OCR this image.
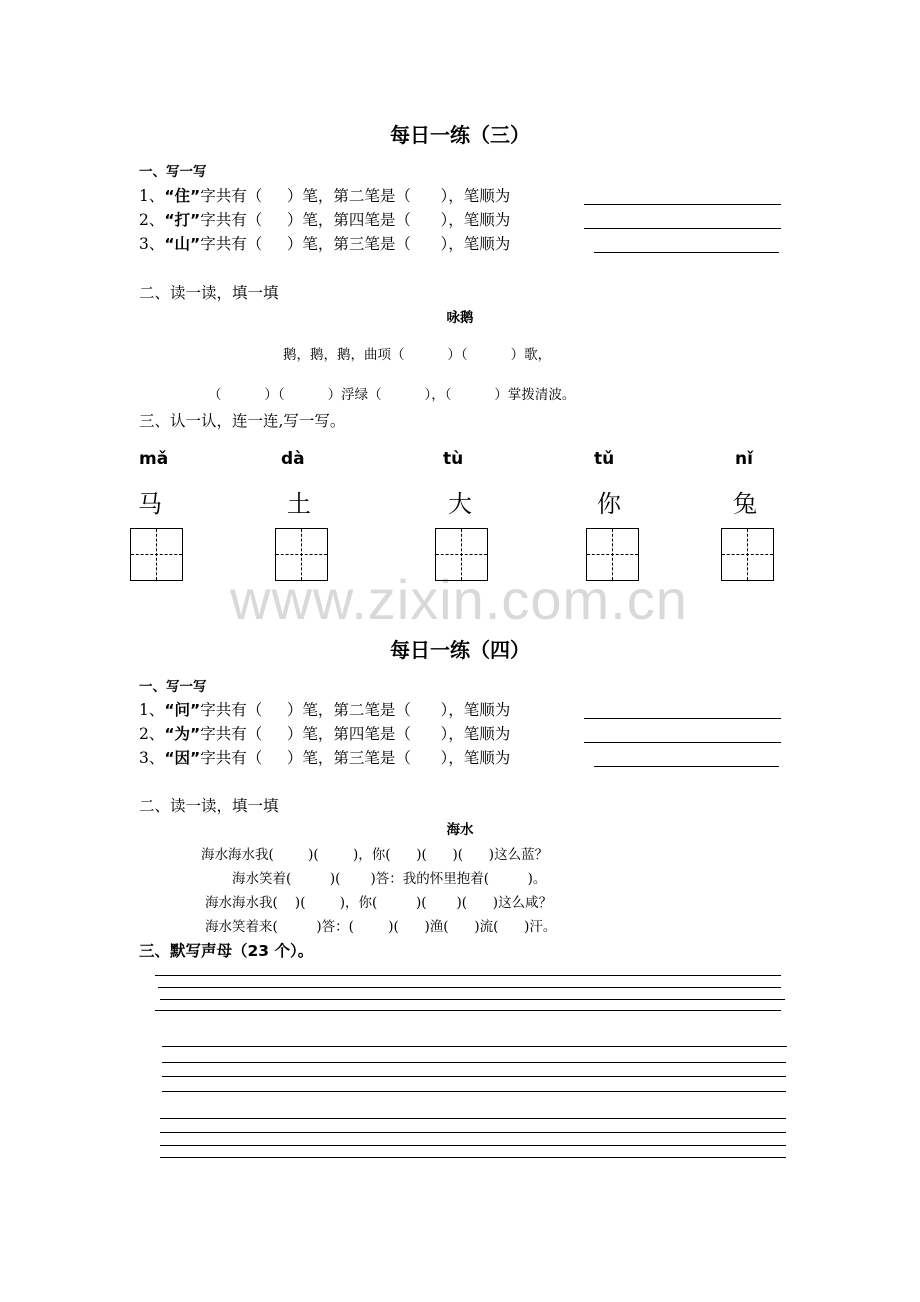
www.zixin.com.cn
每日一练（三）
一、写一写
1、“住”字共有（     ）笔，第二笔是（      ），笔顺为
2、“打”字共有（     ）笔，第四笔是（      ），笔顺为
3、“山”字共有（     ）笔，第三笔是（      ），笔顺为
二、读一读，填一填
咏鹅
鹅，鹅，鹅，曲项（          ）（          ）歌，
（          ）（          ）浮绿（          ），（          ）掌拨清波。
三、认一认，连一连,写一写。
mǎ	dà	tù	tǔ	nǐ
马	土	大	你	兔
每日一练（四）
一、写一写
1、“问”字共有（     ）笔，第二笔是（      ），笔顺为
2、“为”字共有（     ）笔，第四笔是（      ），笔顺为
3、“因”字共有（     ）笔，第三笔是（      ），笔顺为
二、读一读，填一填
海水
海水海水我(        )(        )，你(      )(      )(      )这么蓝？
海水笑着(         )(       )答：我的怀里抱着(         )。
海水海水我(    )(        )，你(         )(       )(      )这么咸？
海水笑着来(         )答：(        )(      )渔(      )流(      )汗。
三、默写声母（23 个）。
